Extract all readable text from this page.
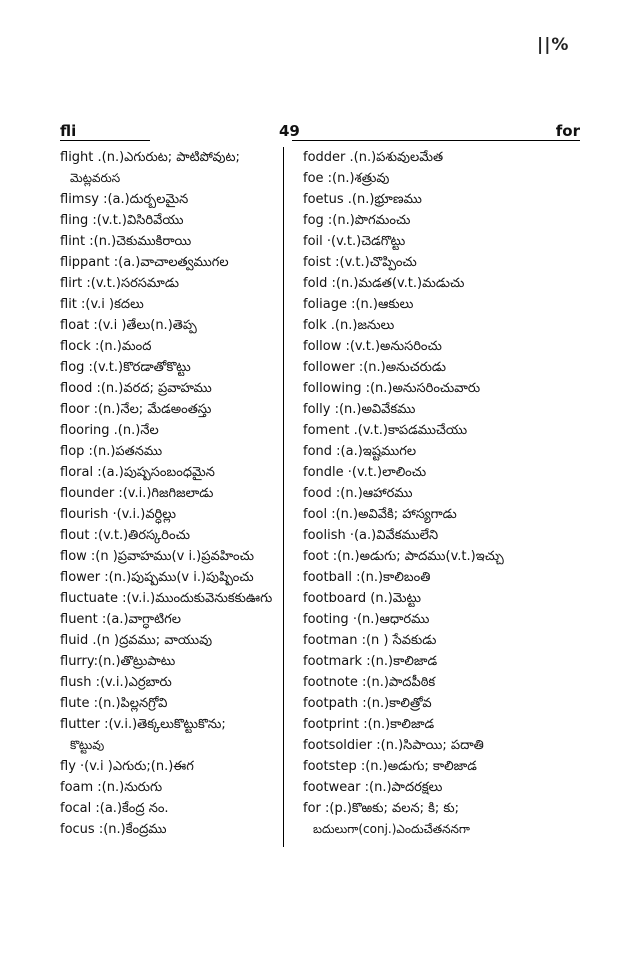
||%
fli	49	for
flight .(n.)ఎగురుట; పాటిపోవుట;
మెట్లవరుస
flimsy :(a.)దుర్బలమైన
fling :(v.t.)విసిరివేయు
flint :(n.)చెకుముకిరాయి
flippant :(a.)వాచాలత్వముగల
flirt :(v.t.)సరసమాడు
flit :(v.i )కదలు
float :(v.i )తేలు(n.)తెప్ప
flock :(n.)మంద
flog :(v.t.)కొరడాతోకొట్టు
flood :(n.)వరద; ప్రవాహము
floor :(n.)నేల; మేడఅంతస్తు
flooring .(n.)నేల
flop :(n.)పతనము
floral :(a.)పుష్పసంబంధమైన
flounder :(v.i.)గిజగిజలాడు
flourish ·(v.i.)వర్ధిల్లు
flout :(v.t.)తిరస్కరించు
flow :(n )ప్రవాహము(v i.)ప్రవహించు
flower :(n.)పుష్పము(v i.)పుష్పించు
fluctuate :(v.i.)ముందుకువెనుకకుఊగు
fluent :(a.)వాగ్ధాటిగల
fluid .(n )ద్రవము; వాయువు
flurry:(n.)తొట్రుపాటు
flush :(v.i.)ఎర్రబారు
flute :(n.)పిల్లనగ్రోవి
flutter :(v.i.)తెక్కలుకొట్టుకొను;
కొట్టువు
fly ·(v.i )ఎగురు;(n.)ఈగ
foam :(n.)నురుగు
focal :(a.)కేంద్ర నం.
focus :(n.)కేంద్రము
fodder .(n.)పశువులమేత
foe :(n.)శత్రువు
foetus .(n.)భ్రూణము
fog :(n.)పొగమంచు
foil ·(v.t.)చెడగొట్టు
foist :(v.t.)చొప్పించు
fold :(n.)మడత(v.t.)మడుచు
foliage :(n.)ఆకులు
folk .(n.)జనులు
follow :(v.t.)అనుసరించు
follower :(n.)అనుచరుడు
following :(n.)అనుసరించువారు
folly :(n.)అవివేకము
foment .(v.t.)కాపడముచేయు
fond :(a.)ఇష్టముగల
fondle ·(v.t.)లాలించు
food :(n.)ఆహారము
fool :(n.)అవివేకి; హాస్యగాడు
foolish ·(a.)వివేకములేని
foot :(n.)అడుగు; పాదము(v.t.)ఇచ్చు
football :(n.)కాలిబంతి
footboard (n.)మెట్టు
footing ·(n.)ఆధారము
footman :(n ) సేవకుడు
footmark :(n.)కాలిజాడ
footnote :(n.)పాదపీఠిక
footpath :(n.)కాలిత్రోవ
footprint :(n.)కాలిజాడ
footsoldier :(n.)సిపాయి; పదాతి
footstep :(n.)అడుగు; కాలిజాడ
footwear :(n.)పాదరక్షలు
for :(p.)కొఱకు; వలన; కి; కు;
బదులుగా(conj.)ఎందుచేతననగా
